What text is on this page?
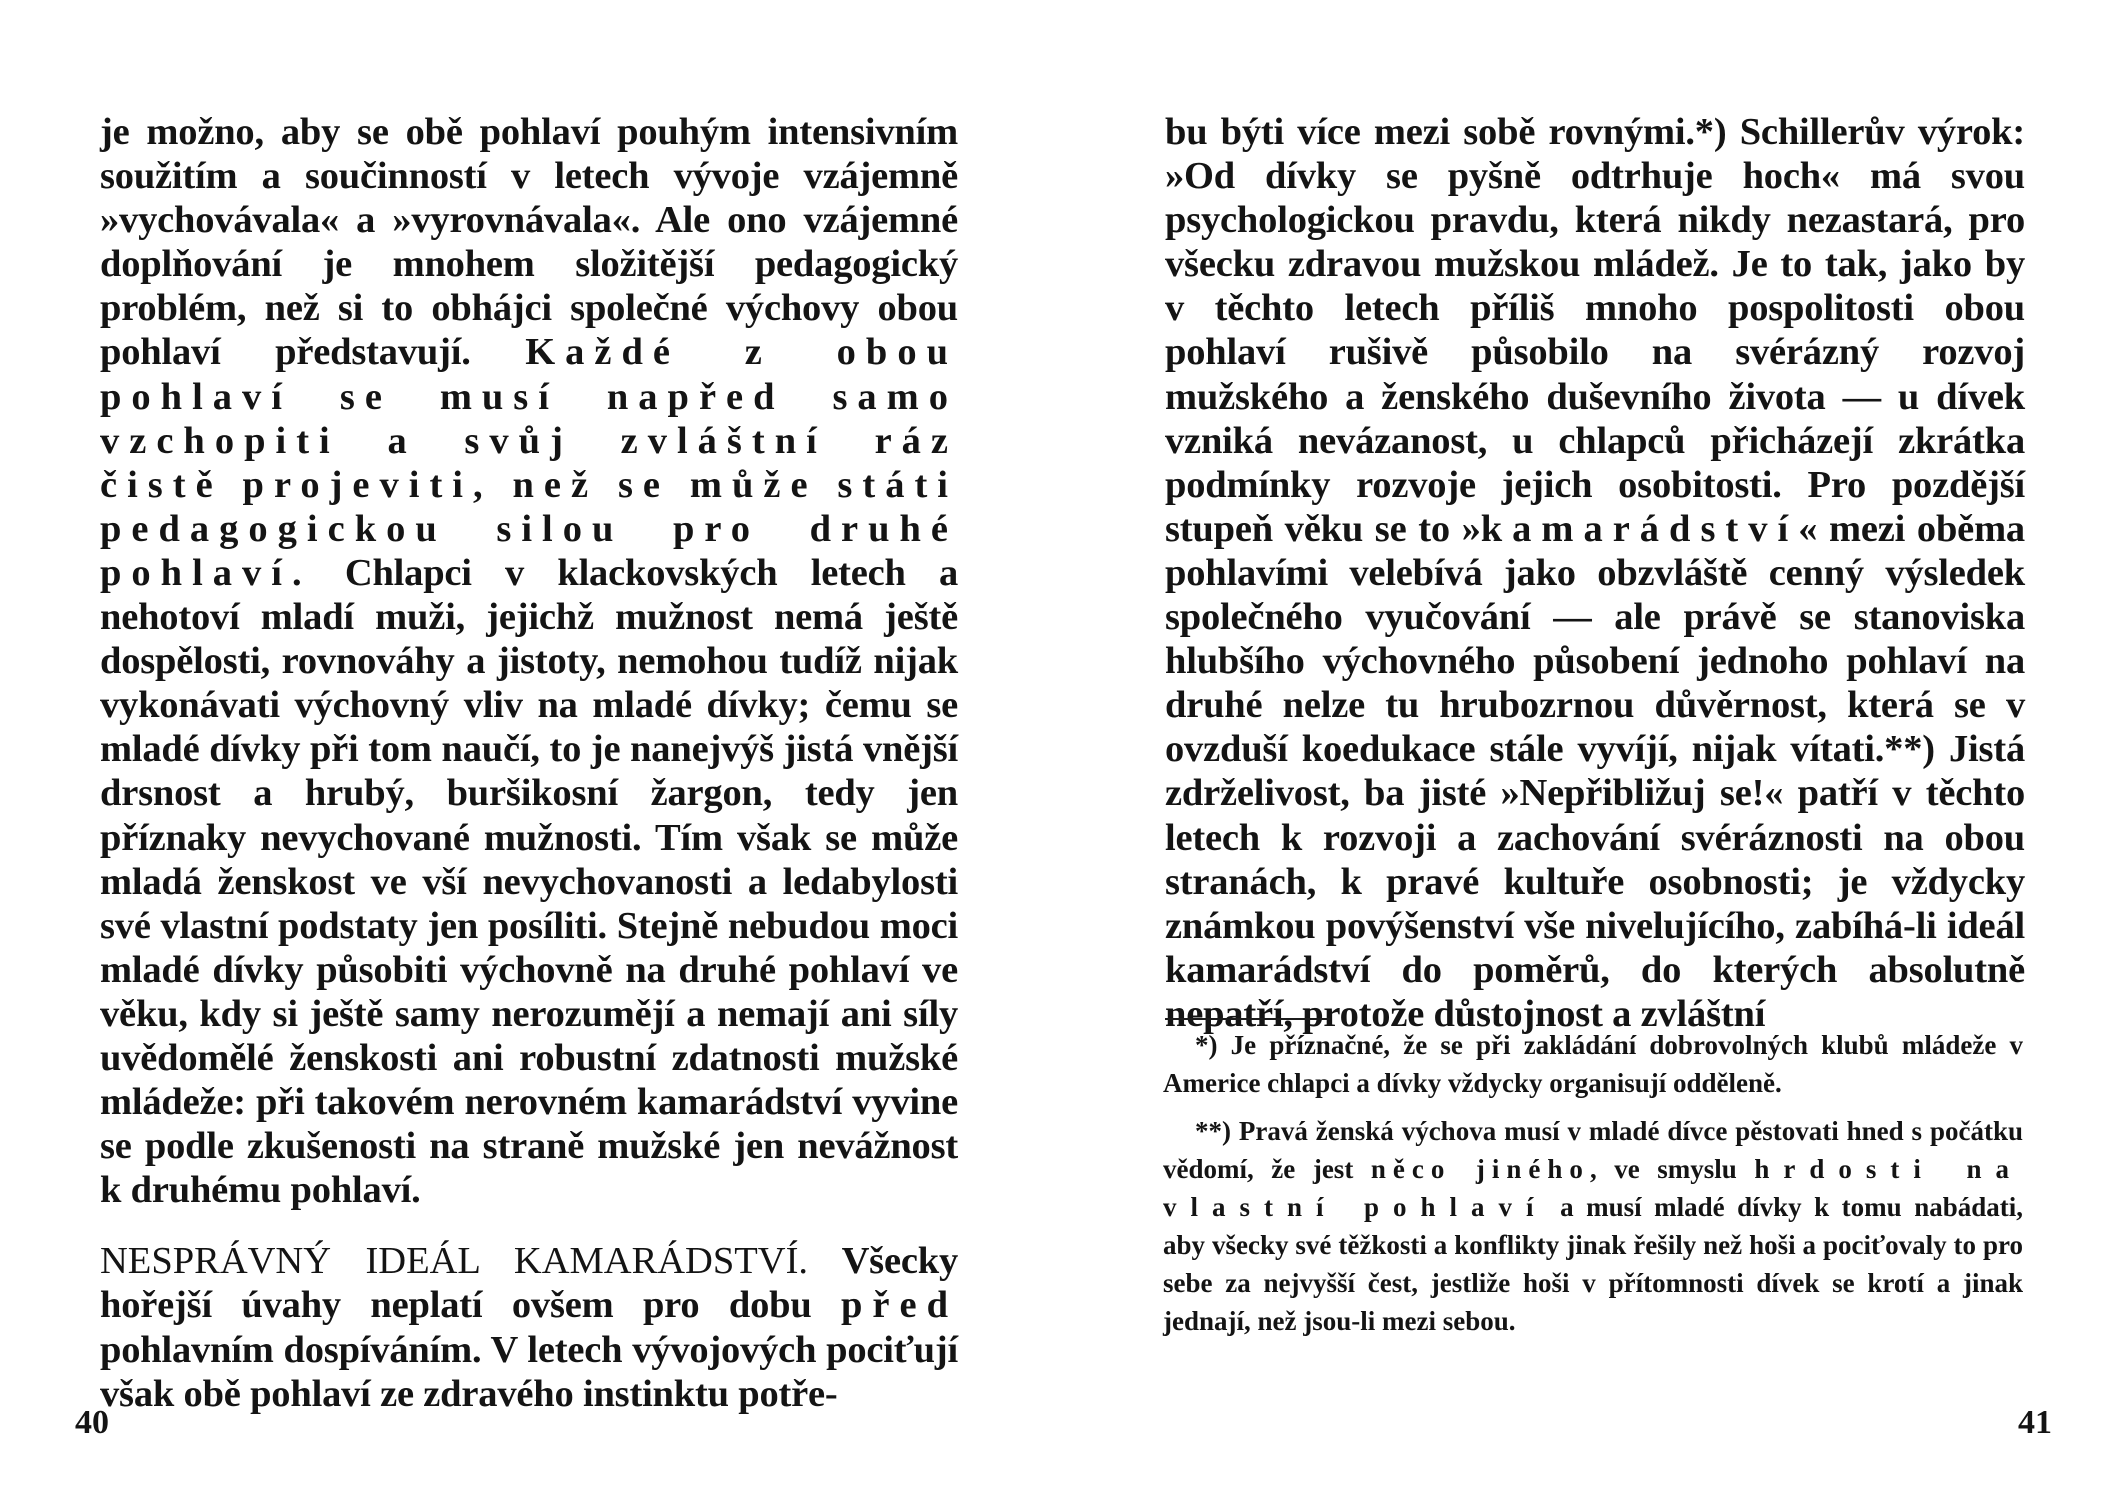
je možno, aby se obě pohlaví pouhým intensivním soužitím a součinností v letech vývoje vzájemně »vychovávala« a »vyrovnávala«. Ale ono vzájemné doplňování je mnohem složitější pedagogický problém, než si to obhájci společné výchovy obou pohlaví představují. Každé z obou pohlaví se musí napřed samo vzchopiti a svůj zvláštní ráz čistě projeviti, než se může státi pedagogickou silou pro druhé pohlaví. Chlapci v klackovských letech a nehotoví mladí muži, jejichž mužnost nemá ještě dospělosti, rovnováhy a jistoty, nemohou tudíž nijak vykonávati výchovný vliv na mladé dívky; čemu se mladé dívky při tom naučí, to je nanejvýš jistá vnější drsnost a hrubý, buršikosní žargon, tedy jen příznaky nevychované mužnosti. Tím však se může mladá ženskost ve vší nevychovanosti a ledabylosti své vlastní podstaty jen posíliti. Stejně nebudou moci mladé dívky působiti výchovně na druhé pohlaví ve věku, kdy si ještě samy nerozumějí a nemají ani síly uvědomělé ženskosti ani robustní zdatnosti mužské mládeže: při takovém nerovném kamarádství vyvine se podle zkušenosti na straně mužské jen nevážnost k druhému pohlaví.

NESPRÁVNÝ IDEÁL KAMARÁDSTVÍ. Všecky hořejší úvahy neplatí ovšem pro dobu před pohlavním dospíváním. V letech vývojových pociťují však obě pohlaví ze zdravého instinktu potře-

40

bu býti více mezi sobě rovnými.*) Schillerův výrok: »Od dívky se pyšně odtrhuje hoch« má svou psychologickou pravdu, která nikdy nezastará, pro všecku zdravou mužskou mládež. Je to tak, jako by v těchto letech příliš mnoho pospolitosti obou pohlaví rušivě působilo na svérázný rozvoj mužského a ženského duševního života — u dívek vzniká nevázanost, u chlapců přicházejí zkrátka podmínky rozvoje jejich osobitosti. Pro pozdější stupeň věku se to »kamarádství« mezi oběma pohlavími velebívá jako obzvláště cenný výsledek společného vyučování — ale právě se stanoviska hlubšího výchovného působení jednoho pohlaví na druhé nelze tu hrubozrnou důvěrnost, která se v ovzduší koedukace stále vyvíjí, nijak vítati.**) Jistá zdrželivost, ba jisté »Nepřibližuj se!« patří v těchto letech k rozvoji a zachování svéráznosti na obou stranách, k pravé kultuře osobnosti; je vždycky známkou povýšenství vše nivelujícího, zabíhá-li ideál kamarádství do poměrů, do kterých absolutně nepatří, protože důstojnost a zvláštní

41

*) Je příznačné, že se při zakládání dobrovolných klubů mládeže v Americe chlapci a dívky vždycky organisují odděleně.

**) Pravá ženská výchova musí v mladé dívce pěstovati hned s počátku vědomí, že jest něco jiného, ve smyslu hrdosti na vlastní pohlaví a musí mladé dívky k tomu nabádati, aby všecky své těžkosti a konflikty jinak řešily než hoši a pociťovaly to pro sebe za nejvyšší čest, jestliže hoši v přítomnosti dívek se krotí a jinak jednají, než jsou-li mezi sebou.
